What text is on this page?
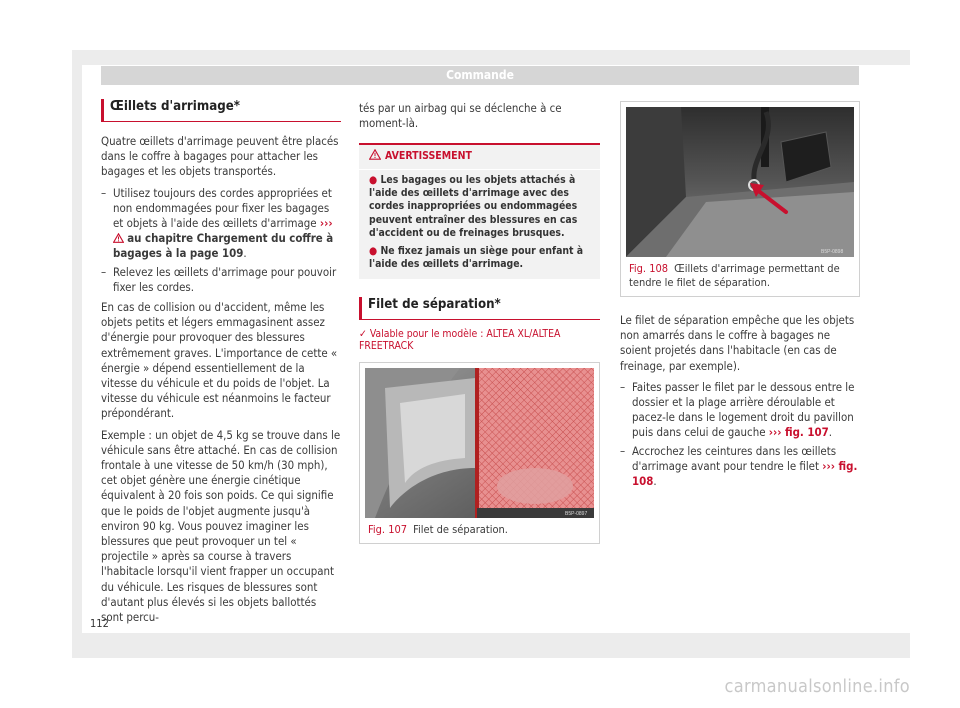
Commande
Œillets d'arrimage*

Quatre œillets d'arrimage peuvent être placés dans le coffre à bagages pour attacher les bagages et les objets transportés.

– Utilisez toujours des cordes appropriées et non endommagées pour fixer les bagages et objets à l'aide des œillets d'arrimage ›››  au chapitre Chargement du coffre à bagages à la page 109.
– Relevez les œillets d'arrimage pour pouvoir fixer les cordes.

En cas de collision ou d'accident, même les objets petits et légers emmagasinent assez d'énergie pour provoquer des blessures extrêmement graves. L'importance de cette « énergie » dépend essentiellement de la vitesse du véhicule et du poids de l'objet. La vitesse du véhicule est néanmoins le facteur prépondérant.

Exemple : un objet de 4,5 kg se trouve dans le véhicule sans être attaché. En cas de collision frontale à une vitesse de 50 km/h (30 mph), cet objet génère une énergie cinétique équivalent à 20 fois son poids. Ce qui signifie que le poids de l'objet augmente jusqu'à environ 90 kg. Vous pouvez imaginer les blessures que peut provoquer un tel « projectile » après sa course à travers l'habitacle lorsqu'il vient frapper un occupant du véhicule. Les risques de blessures sont d'autant plus élevés si les objets ballottés sont percu-

tés par un airbag qui se déclenche à ce moment-là.

AVERTISSEMENT
● Les bagages ou les objets attachés à l'aide des œillets d'arrimage avec des cordes inappropriées ou endommagées peuvent entraîner des blessures en cas d'accident ou de freinages brusques.
● Ne fixez jamais un siège pour enfant à l'aide des œillets d'arrimage.
Filet de séparation*
✓ Valable pour le modèle : ALTEA XL/ALTEA FREETRACK
B5P-0897
Fig. 107 Filet de séparation.
B5P-0898
Fig. 108 Œillets d'arrimage permettant de tendre le filet de séparation.

Le filet de séparation empêche que les objets non amarrés dans le coffre à bagages ne soient projetés dans l'habitacle (en cas de freinage, par exemple).

– Faites passer le filet par le dessous entre le dossier et la plage arrière déroulable et pacez-le dans le logement droit du pavillon puis dans celui de gauche ››› fig. 107.
– Accrochez les ceintures dans les œillets d'arrimage avant pour tendre le filet ››› fig. 108.
112
carmanualsonline.info
